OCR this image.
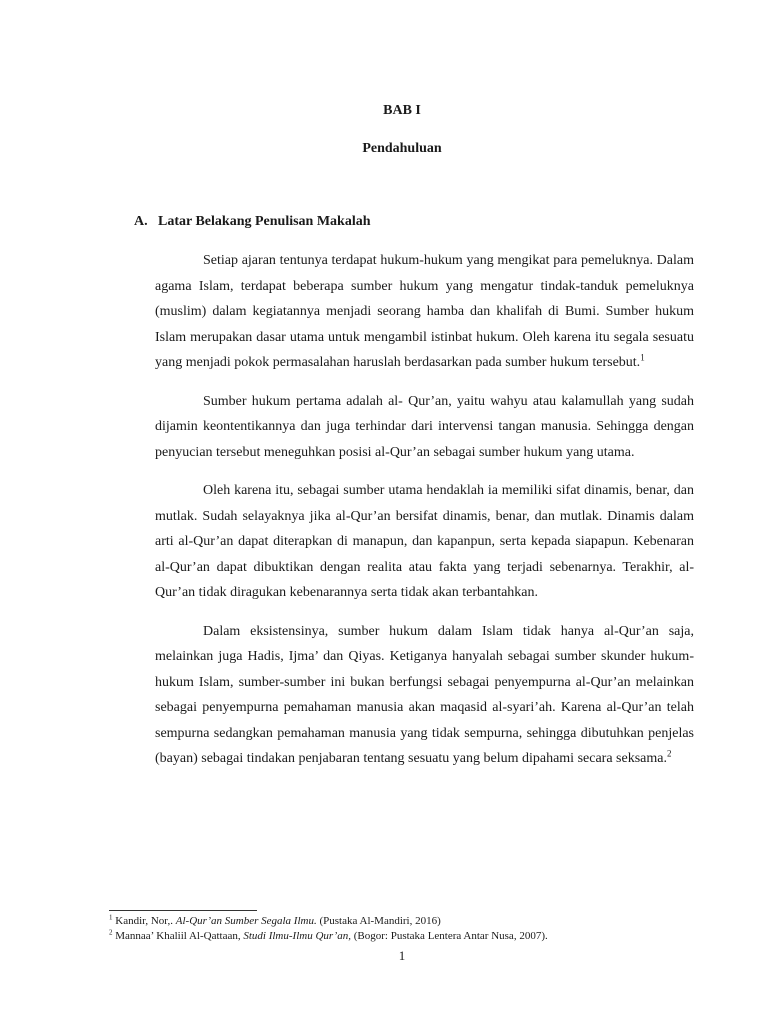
BAB I
Pendahuluan
A. Latar Belakang Penulisan Makalah

Setiap ajaran tentunya terdapat hukum-hukum yang mengikat para pemeluknya. Dalam agama Islam, terdapat beberapa sumber hukum yang mengatur tindak-tanduk pemeluknya (muslim) dalam kegiatannya menjadi seorang hamba dan khalifah di Bumi. Sumber hukum Islam merupakan dasar utama untuk mengambil istinbat hukum. Oleh karena itu segala sesuatu yang menjadi pokok permasalahan haruslah berdasarkan pada sumber hukum tersebut.$^1$

Sumber hukum pertama adalah al- Qur’an, yaitu wahyu atau kalamullah yang sudah dijamin keontentikannya dan juga terhindar dari intervensi tangan manusia. Sehingga dengan penyucian tersebut meneguhkan posisi al-Qur’an sebagai sumber hukum yang utama.

Oleh karena itu, sebagai sumber utama hendaklah ia memiliki sifat dinamis, benar, dan mutlak. Sudah selayaknya jika al-Qur’an bersifat dinamis, benar, dan mutlak. Dinamis dalam arti al-Qur’an dapat diterapkan di manapun, dan kapanpun, serta kepada siapapun. Kebenaran al-Qur’an dapat dibuktikan dengan realita atau fakta yang terjadi sebenarnya. Terakhir, al-Qur’an tidak diragukan kebenarannya serta tidak akan terbantahkan.

Dalam eksistensinya, sumber hukum dalam Islam tidak hanya al-Qur’an saja, melainkan juga Hadis, Ijma’ dan Qiyas. Ketiganya hanyalah sebagai sumber skunder hukum-hukum Islam, sumber-sumber ini bukan berfungsi sebagai penyempurna al-Qur’an melainkan sebagai penyempurna pemahaman manusia akan maqasid al-syari’ah. Karena al-Qur’an telah sempurna sedangkan pemahaman manusia yang tidak sempurna, sehingga dibutuhkan penjelas (bayan) sebagai tindakan penjabaran tentang sesuatu yang belum dipahami secara seksama.$^2$

$^1$ Kandir, Nor,. Al-Qur’an Sumber Segala Ilmu. (Pustaka Al-Mandiri, 2016)
$^2$ Mannaa’ Khaliil Al-Qattaan, Studi Ilmu-Ilmu Qur’an, (Bogor: Pustaka Lentera Antar Nusa, 2007).
1
